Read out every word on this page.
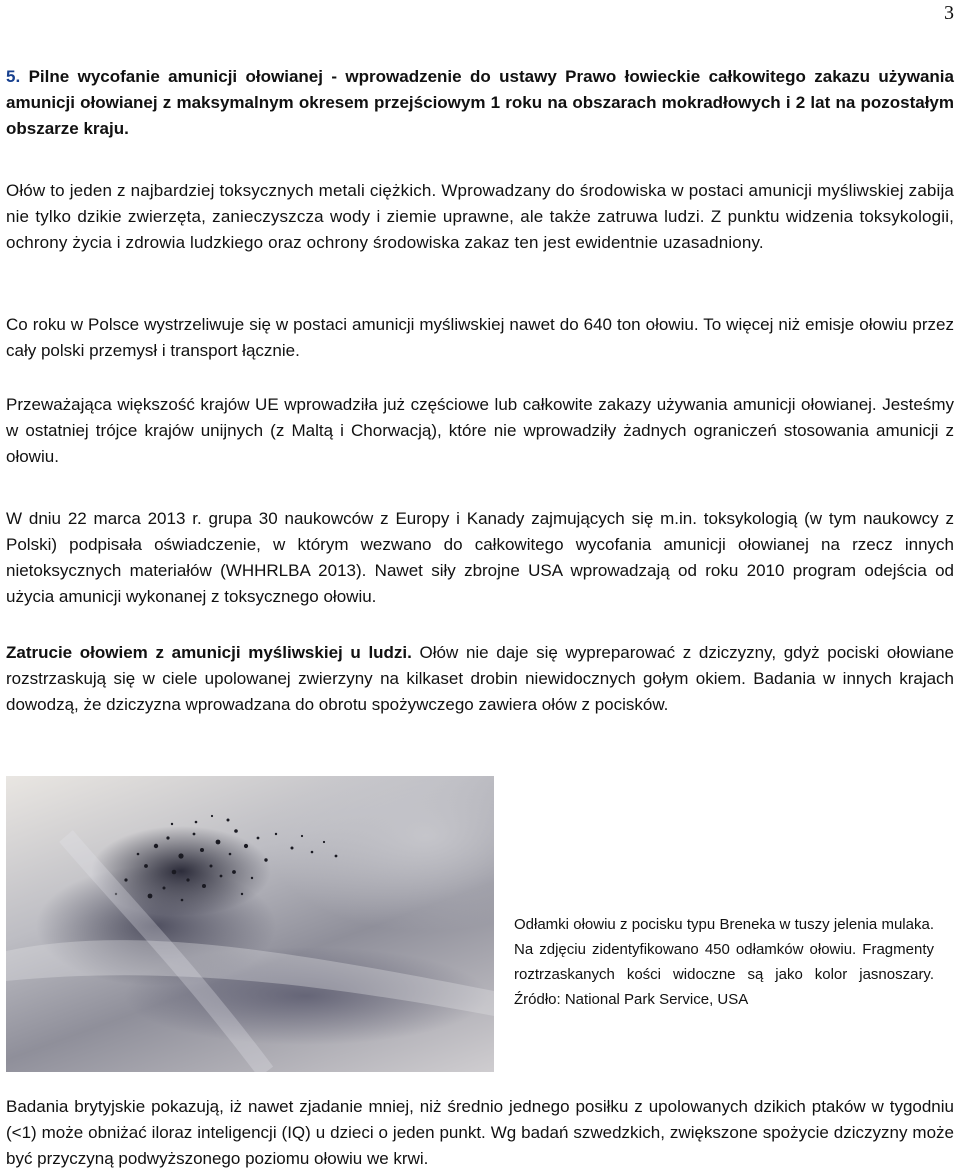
3

5. Pilne wycofanie amunicji ołowianej - wprowadzenie do ustawy Prawo łowieckie całkowitego zakazu używania amunicji ołowianej z maksymalnym okresem przejściowym 1 roku na obszarach mokradłowych i 2 lat na pozostałym obszarze kraju.

Ołów to jeden z najbardziej toksycznych metali ciężkich. Wprowadzany do środowiska w postaci amunicji myśliwskiej zabija nie tylko dzikie zwierzęta, zanieczyszcza wody i ziemie uprawne, ale także zatruwa ludzi. Z punktu widzenia toksykologii, ochrony życia i zdrowia ludzkiego oraz ochrony środowiska zakaz ten jest ewidentnie uzasadniony.

Co roku w Polsce wystrzeliwuje się w postaci amunicji myśliwskiej nawet do 640 ton ołowiu. To więcej niż emisje ołowiu przez cały polski przemysł i transport łącznie.

Przeważająca większość krajów UE wprowadziła już częściowe lub całkowite zakazy używania amunicji ołowianej. Jesteśmy w ostatniej trójce krajów unijnych (z Maltą i Chorwacją), które nie wprowadziły żadnych ograniczeń stosowania amunicji z ołowiu.

W dniu 22 marca 2013 r. grupa 30 naukowców z Europy i Kanady zajmujących się m.in. toksykologią (w tym naukowcy z Polski) podpisała oświadczenie, w którym wezwano do całkowitego wycofania amunicji ołowianej na rzecz innych nietoksycznych materiałów (WHHRLBA 2013). Nawet siły zbrojne USA wprowadzają od roku 2010 program odejścia od użycia amunicji wykonanej z toksycznego ołowiu.

Zatrucie ołowiem z amunicji myśliwskiej u ludzi. Ołów nie daje się wypreparować z dziczyzny, gdyż pociski ołowiane rozstrzaskują się w ciele upolowanej zwierzyny na kilkaset drobin niewidocznych gołym okiem. Badania w innych krajach dowodzą, że dziczyzna wprowadzana do obrotu spożywczego zawiera ołów z pocisków.

Odłamki ołowiu z pocisku typu Breneka w tuszy jelenia mulaka. Na zdjęciu zidentyfikowano 450 odłamków ołowiu. Fragmenty roztrzaskanych kości widoczne są jako kolor jasnoszary. Źródło: National Park Service, USA

Badania brytyjskie pokazują, iż nawet zjadanie mniej, niż średnio jednego posiłku z upolowanych dzikich ptaków w tygodniu (<1) może obniżać iloraz inteligencji (IQ) u dzieci o jeden punkt. Wg badań szwedzkich, zwiększone spożycie dziczyzny może być przyczyną podwyższonego poziomu ołowiu we krwi.
